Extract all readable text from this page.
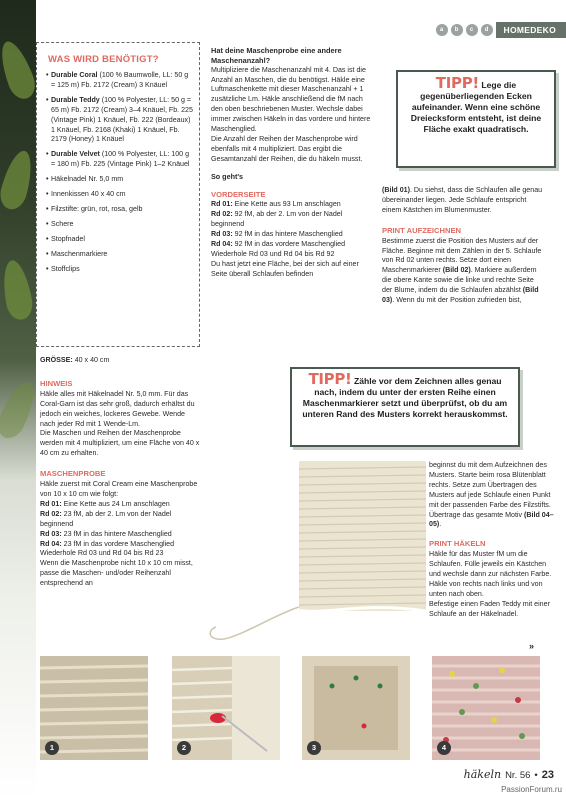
a	b	c	d	HOMEDEKO
WAS WIRD BENÖTIGT?
• Durable Coral (100 % Baumwolle, LL: 50 g = 125 m) Fb. 2172 (Cream) 3 Knäuel
• Durable Teddy (100 % Polyester, LL: 50 g = 65 m) Fb. 2172 (Cream) 3–4 Knäuel, Fb. 225 (Vintage Pink) 1 Knäuel, Fb. 222 (Bordeaux) 1 Knäuel, Fb. 2168 (Khaki) 1 Knäuel, Fb. 2179 (Honey) 1 Knäuel
• Durable Velvet (100 % Polyester, LL: 100 g = 180 m) Fb. 225 (Vintage Pink) 1–2 Knäuel
• Häkelnadel Nr. 5,0 mm
• Innenkissen 40 x 40 cm
• Filzstifte: grün, rot, rosa, gelb
• Schere
• Stopfnadel
• Maschenmarkiere
• Stoffclips

GRÖSSE: 40 x 40 cm

HINWEIS

Häkle alles mit Häkelnadel Nr. 5,0 mm. Für das Coral-Garn ist das sehr groß, dadurch erhältst du jedoch ein weiches, lockeres Gewebe. Wende nach jeder Rd mit 1 Wende-Lm.

Die Maschen und Reihen der Maschenprobe werden mit 4 multipliziert, um eine Fläche von 40 x 40 cm zu erhalten.

MASCHENPROBE

Häkle zuerst mit Coral Cream eine Maschenprobe von 10 x 10 cm wie folgt:

Rd 01: Eine Kette aus 24 Lm anschlagen

Rd 02: 23 fM, ab der 2. Lm von der Nadel beginnend

Rd 03: 23 fM in das hintere Maschenglied

Rd 04: 23 fM in das vordere Maschenglied Wiederhole Rd 03 und Rd 04 bis Rd 23

Wenn die Maschenprobe nicht 10 x 10 cm misst, passe die Maschen- und/oder Reihenzahl entsprechend an

Hat deine Maschenprobe eine andere Maschenanzahl?

Multipliziere die Maschenanzahl mit 4. Das ist die Anzahl an Maschen, die du benötigst. Häkle eine Luftmaschenkette mit dieser Maschenanzahl + 1 zusätzliche Lm. Häkle anschließend die fM nach den oben beschriebenen Muster. Wechsle dabei immer zwischen Häkeln in das vordere und hintere Maschenglied.

Die Anzahl der Reihen der Maschenprobe wird ebenfalls mit 4 multipliziert. Das ergibt die Gesamtanzahl der Reihen, die du häkeln musst.

So geht's
VORDERSEITE

Rd 01: Eine Kette aus 93 Lm anschlagen

Rd 02: 92 fM, ab der 2. Lm von der Nadel beginnend

Rd 03: 92 fM in das hintere Maschenglied

Rd 04: 92 fM in das vordere Maschenglied Wiederhole Rd 03 und Rd 04 bis Rd 92

Du hast jetzt eine Fläche, bei der sich auf einer Seite überall Schlaufen befinden

TIPP! Lege die gegenüberliegenden Ecken aufeinander. Wenn eine schöne Dreiecksform entsteht, ist deine Fläche exakt quadratisch.

(Bild 01). Du siehst, dass die Schlaufen alle genau übereinander liegen. Jede Schlaufe entspricht einem Kästchen im Blumenmuster.

PRINT AUFZEICHNEN

Bestimme zuerst die Position des Musters auf der Fläche. Beginne mit dem Zählen in der 5. Schlaufe von Rd 02 unten rechts. Setze dort einen Maschenmarkierer (Bild 02). Markiere außerdem die obere Kante sowie die linke und rechte Seite der Blume, indem du die Schlaufen abzählst (Bild 03). Wenn du mit der Position zufrieden bist,

TIPP! Zähle vor dem Zeichnen alles genau nach, indem du unter der ersten Reihe einen Maschenmarkierer setzt und überprüfst, ob du am unteren Rand des Musters korrekt herauskommst.

beginnst du mit dem Aufzeichnen des Musters. Starte beim rosa Blütenblatt rechts. Setze zum Übertragen des Musters auf jede Schlaufe einen Punkt mit der passenden Farbe des Filzstifts. Übertrage das gesamte Motiv (Bild 04–05).

PRINT HÄKELN

Häkle für das Muster fM um die Schlaufen. Fülle jeweils ein Kästchen und wechsle dann zur nächsten Farbe. Häkle von rechts nach links und von unten nach oben.

Befestige einen Faden Teddy mit einer Schlaufe an der Häkelnadel.

»
1	2	3	4
häkeln Nr. 56 • 23
PassionForum.ru
